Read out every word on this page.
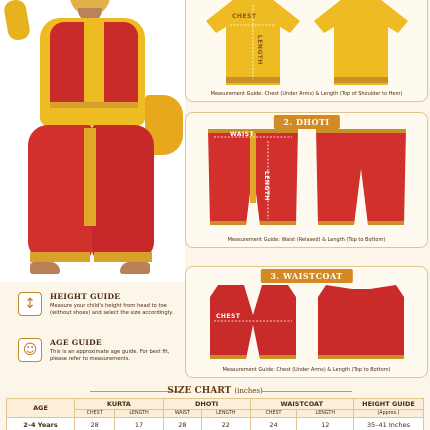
↕	HEIGHT GUIDE
Measure your child's height from head to toe (without shoes) and select the size accordingly.
☺	AGE GUIDE
This is an approximate age guide. For best fit, please refer to measurements.
CHEST
LENGTH
Measurement Guide: Chest (Under Arms) & Length (Top of Shoulder to Hem)
2. DHOTI
WAIST
LENGTH
Measurement Guide: Waist (Relaxed) & Length (Top to Bottom)
3. WAISTCOAT
CHEST
Measurement Guide: Chest (Under Arms) & Length (Top to Bottom)
SIZE CHART (inches)
AGE	KURTA		DHOTI		WAISTCOAT		HEIGHT GUIDE
	CHEST	LENGTH	WAIST	LENGTH	CHEST	LENGTH	(Approx.)
2–4 Years	28	17	28	22	24	12	35–41 Inches
